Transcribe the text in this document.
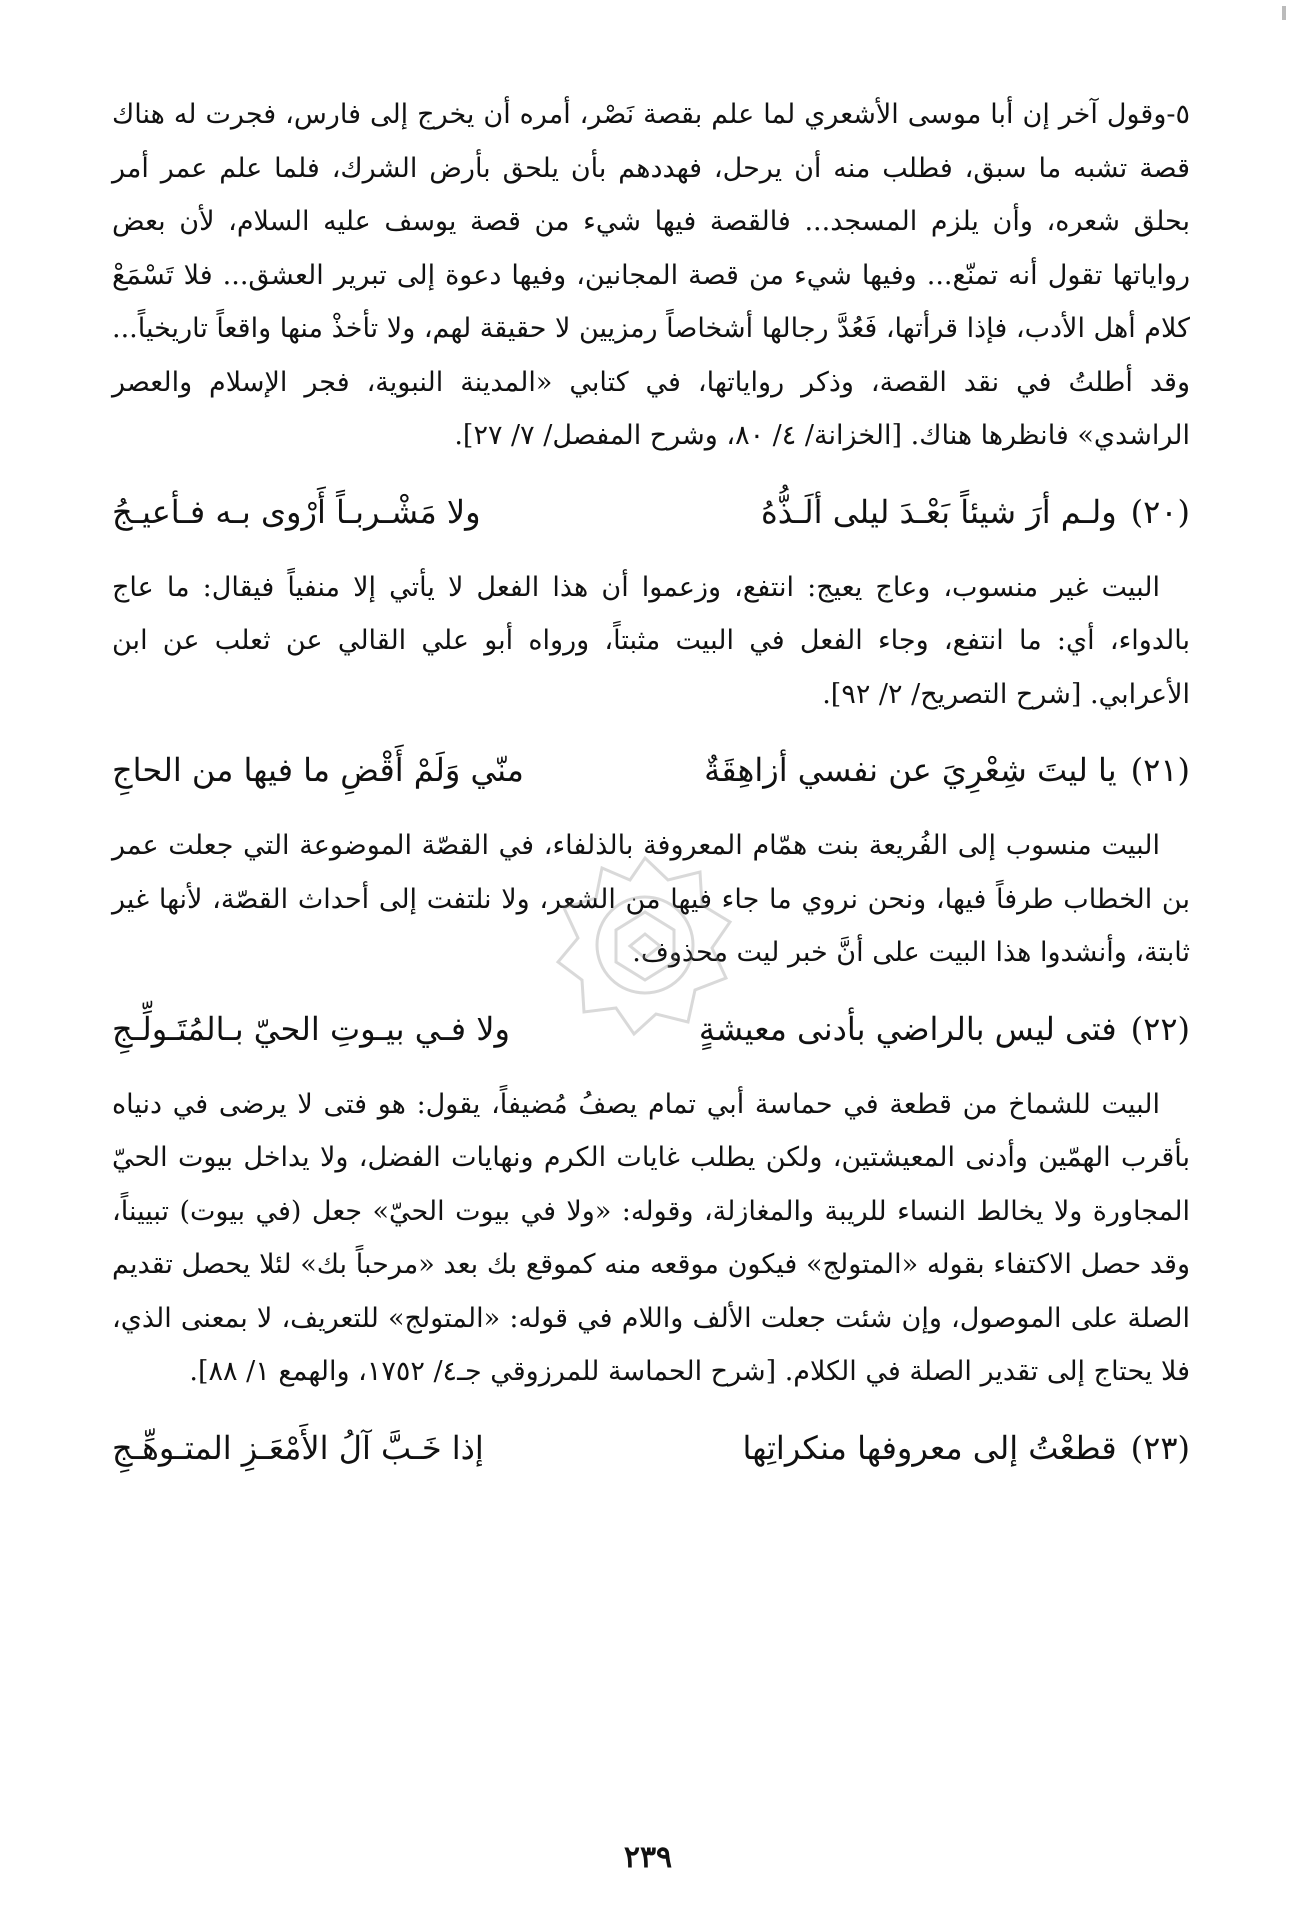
٥-وقول آخر إن أبا موسى الأشعري لما علم بقصة نَصْر، أمره أن يخرج إلى فارس، فجرت له هناك قصة تشبه ما سبق، فطلب منه أن يرحل، فهددهم بأن يلحق بأرض الشرك، فلما علم عمر أمر بحلق شعره، وأن يلزم المسجد... فالقصة فيها شيء من قصة يوسف عليه السلام، لأن بعض رواياتها تقول أنه تمنّع... وفيها شيء من قصة المجانين، وفيها دعوة إلى تبرير العشق... فلا تَسْمَعْ كلام أهل الأدب، فإذا قرأتها، فَعُدَّ رجالها أشخاصاً رمزيين لا حقيقة لهم، ولا تأخذْ منها واقعاً تاريخياً... وقد أطلتُ في نقد القصة، وذكر رواياتها، في كتابي «المدينة النبوية، فجر الإسلام والعصر الراشدي» فانظرها هناك. [الخزانة/ ٤/ ٨٠، وشرح المفصل/ ٧/ ٢٧].

(٢٠)
ولـم أرَ شيئاً بَعْـدَ ليلى ألَـذُّهُ
ولا مَشْـربـاً أَرْوى بـه فـأعيـجُ

البيت غير منسوب، وعاج يعيج: انتفع، وزعموا أن هذا الفعل لا يأتي إلا منفياً فيقال: ما عاج بالدواء، أي: ما انتفع، وجاء الفعل في البيت مثبتاً، ورواه أبو علي القالي عن ثعلب عن ابن الأعرابي. [شرح التصريح/ ٢/ ٩٢].

(٢١)
يا ليتَ شِعْرِيَ عن نفسي أزاهِقَةٌ
منّي وَلَمْ أَقْضِ ما فيها من الحاجِ

البيت منسوب إلى الفُريعة بنت همّام المعروفة بالذلفاء، في القصّة الموضوعة التي جعلت عمر بن الخطاب طرفاً فيها، ونحن نروي ما جاء فيها من الشعر، ولا نلتفت إلى أحداث القصّة، لأنها غير ثابتة، وأنشدوا هذا البيت على أنَّ خبر ليت محذوف.

(٢٢)
فتى ليس بالراضي بأدنى معيشةٍ
ولا فـي بيـوتِ الحيّ بـالمُتَـولِّـجِ

البيت للشماخ من قطعة في حماسة أبي تمام يصفُ مُضيفاً، يقول: هو فتى لا يرضى في دنياه بأقرب الهمّين وأدنى المعيشتين، ولكن يطلب غايات الكرم ونهايات الفضل، ولا يداخل بيوت الحيّ المجاورة ولا يخالط النساء للريبة والمغازلة، وقوله: «ولا في بيوت الحيّ» جعل (في بيوت) تبييناً، وقد حصل الاكتفاء بقوله «المتولج» فيكون موقعه منه كموقع بك بعد «مرحباً بك» لئلا يحصل تقديم الصلة على الموصول، وإن شئت جعلت الألف واللام في قوله: «المتولج» للتعريف، لا بمعنى الذي، فلا يحتاج إلى تقدير الصلة في الكلام. [شرح الحماسة للمرزوقي جـ٤/ ١٧٥٢، والهمع ١/ ٨٨].

(٢٣)
قطعْتُ إلى معروفها منكراتِها
إذا خَـبَّ آلُ الأَمْعَـزِ المتـوهِّـجِ
٢٣٩
